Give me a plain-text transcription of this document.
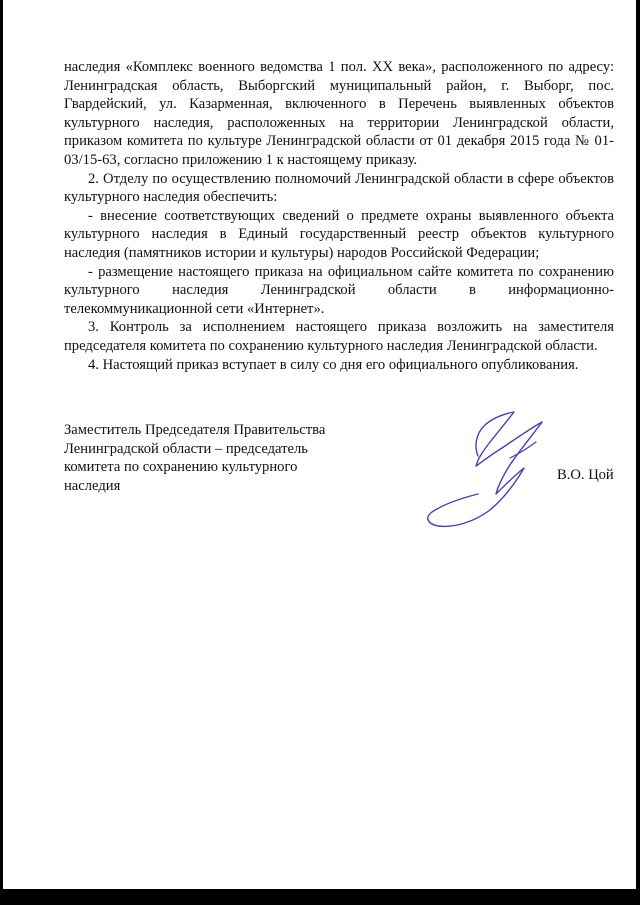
наследия «Комплекс военного ведомства 1 пол. XX века», расположенного по адресу: Ленинградская область, Выборгский муниципальный район, г. Выборг, пос. Гвардейский, ул. Казарменная, включенного в Перечень выявленных объектов культурного наследия, расположенных на территории Ленинградской области, приказом комитета по культуре Ленинградской области от 01 декабря 2015 года № 01-03/15-63, согласно приложению 1 к настоящему приказу.

2. Отделу по осуществлению полномочий Ленинградской области в сфере объектов культурного наследия обеспечить:

- внесение соответствующих сведений о предмете охраны выявленного объекта культурного наследия в Единый государственный реестр объектов культурного наследия (памятников истории и культуры) народов Российской Федерации;

- размещение настоящего приказа на официальном сайте комитета по сохранению культурного наследия Ленинградской области в информационно-телекоммуникационной сети «Интернет».

3. Контроль за исполнением настоящего приказа возложить на заместителя председателя комитета по сохранению культурного наследия Ленинградской области.

4. Настоящий приказ вступает в силу со дня его официального опубликования.

Заместитель Председателя Правительства
Ленинградской области – председатель
комитета по сохранению культурного
наследия
В.О. Цой
